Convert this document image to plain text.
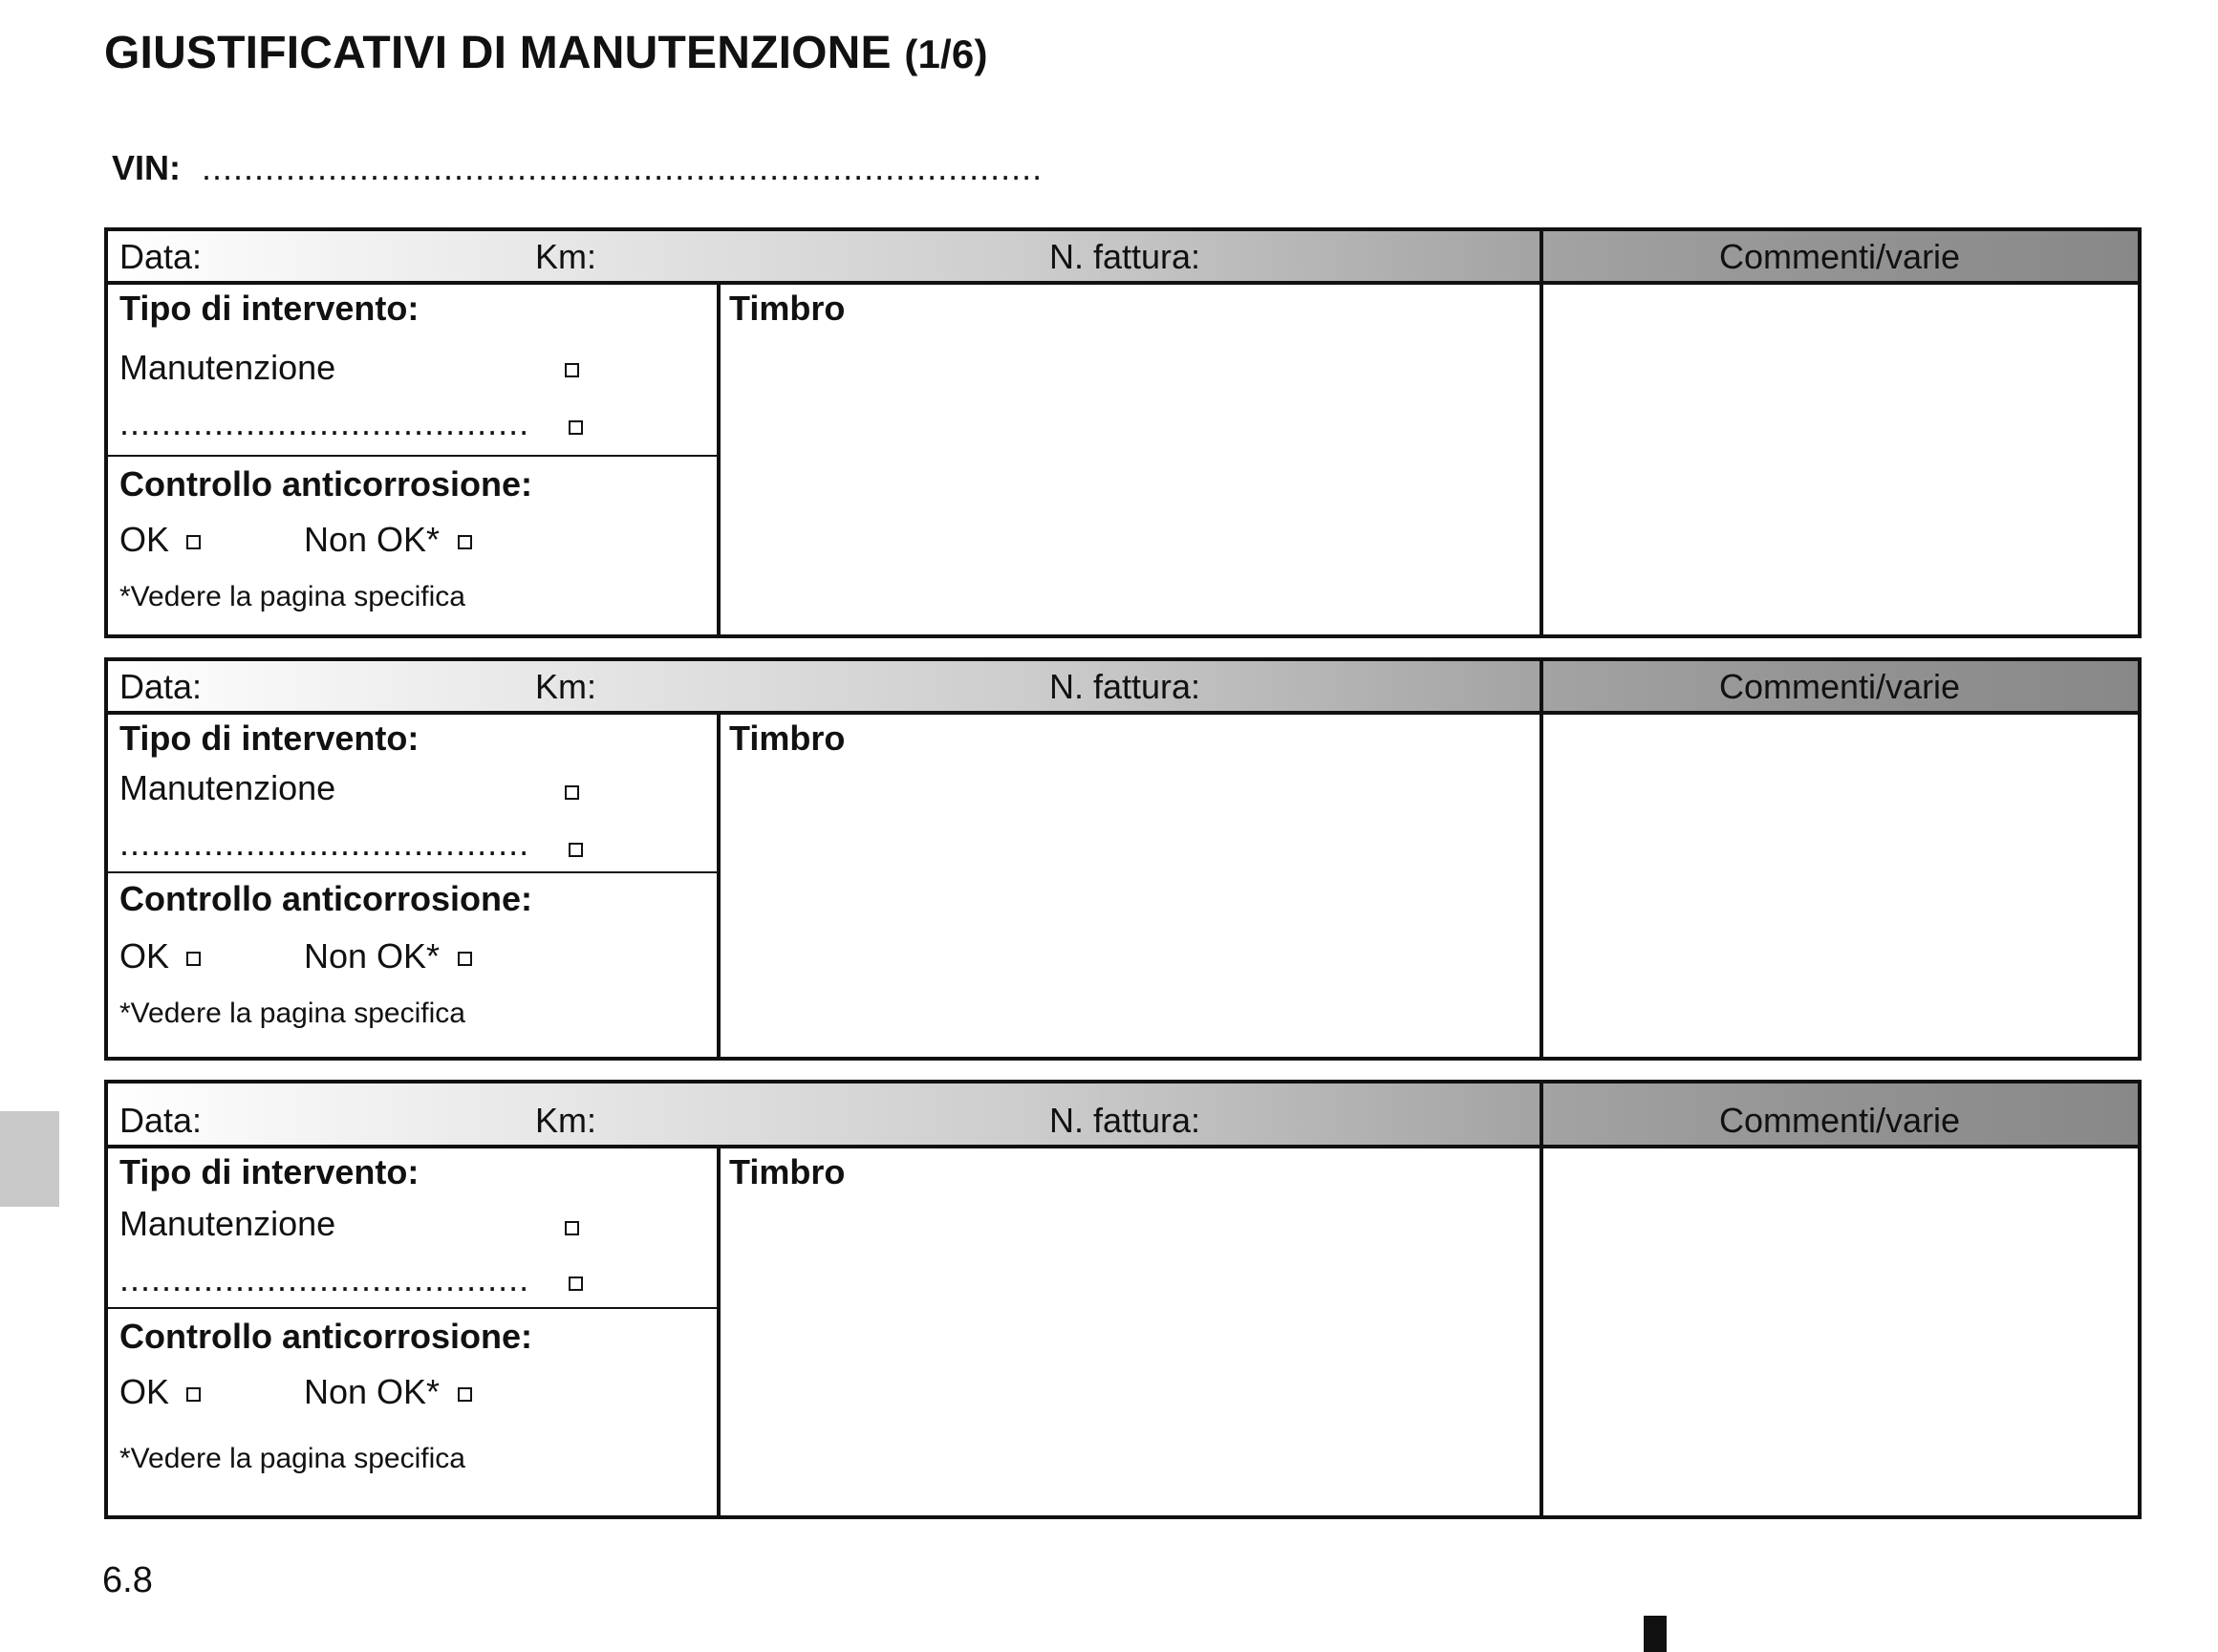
GIUSTIFICATIVI DI MANUTENZIONE (1/6)
VIN: ................................................................................
Data:	Km:	N. fattura:	Commenti/varie
Tipo di intervento:
Manutenzione
.......................................
Controllo anticorrosione:
OK	Non OK*
*Vedere la pagina specifica
Timbro
Data:	Km:	N. fattura:	Commenti/varie
Tipo di intervento:
Manutenzione
.......................................
Controllo anticorrosione:
OK	Non OK*
*Vedere la pagina specifica
Timbro
Data:	Km:	N. fattura:	Commenti/varie
Tipo di intervento:
Manutenzione
.......................................
Controllo anticorrosione:
OK	Non OK*
*Vedere la pagina specifica
Timbro
6.8
